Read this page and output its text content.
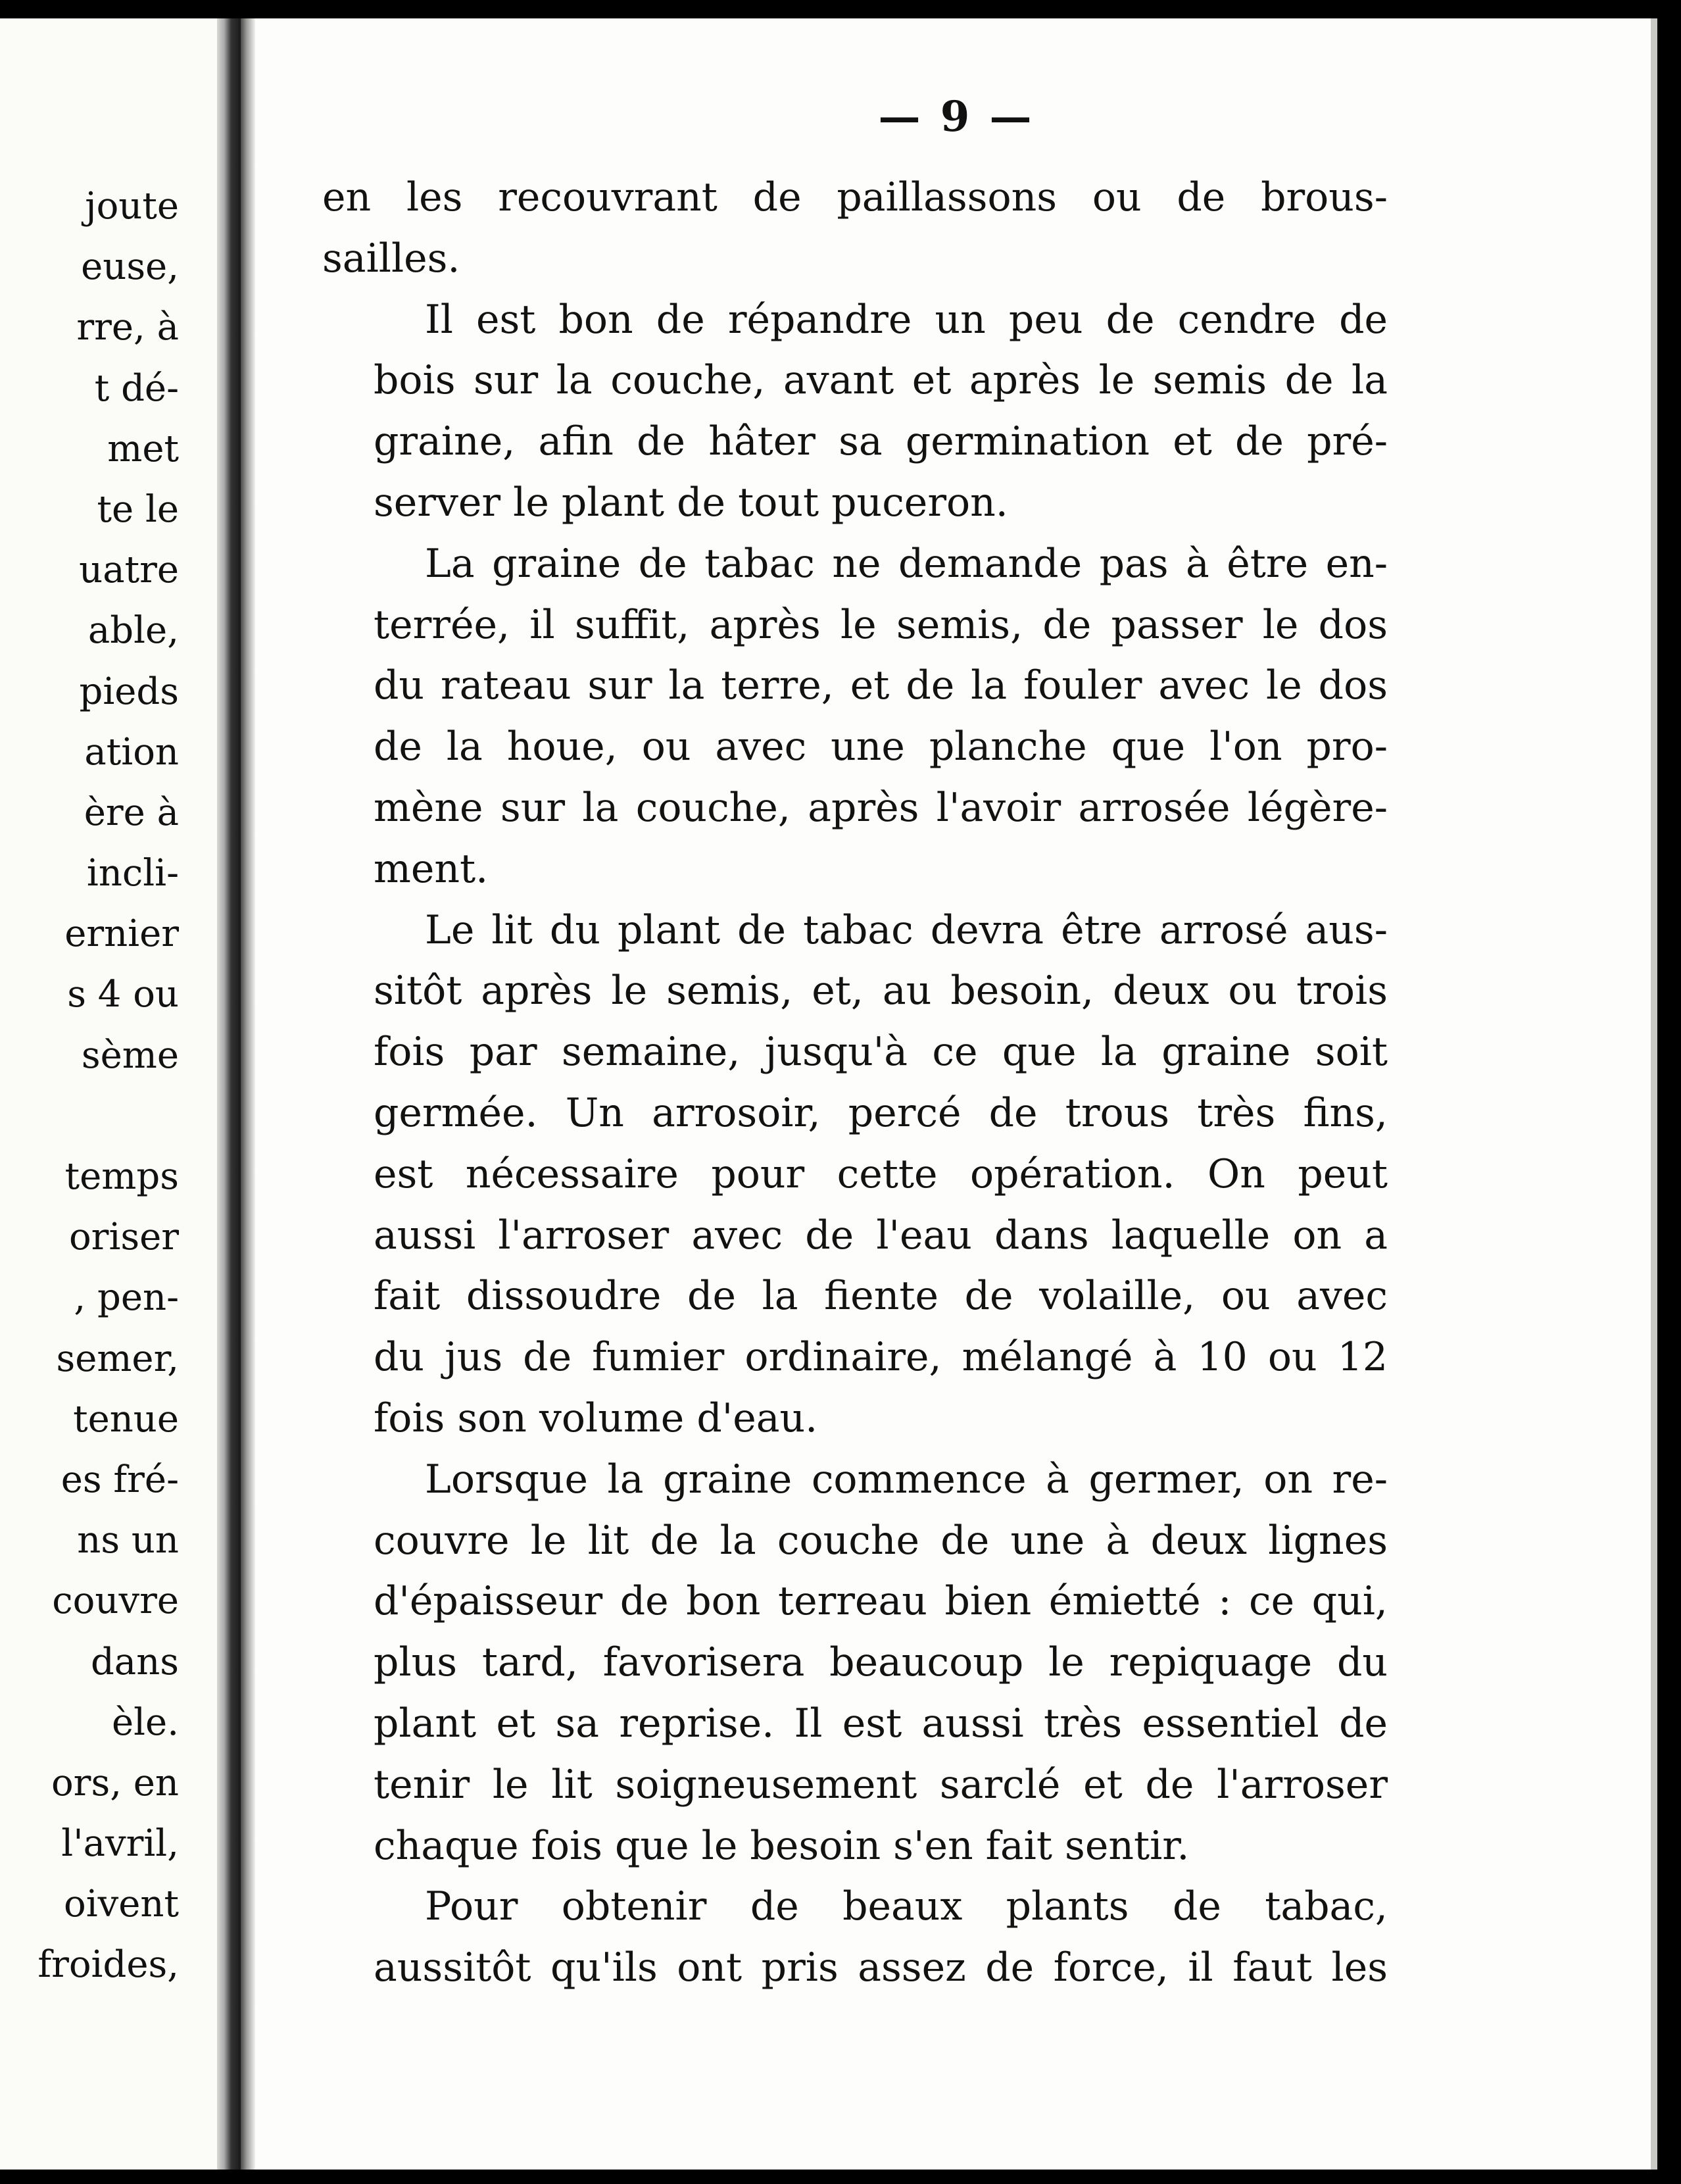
joute
euse,
rre, à
t dé-
met
te le
uatre
able,
pieds
ation
ère à
incli-
ernier
s 4 ou
sème
temps
oriser
, pen-
semer,
tenue
es fré-
ns un
couvre
dans
èle.
ors, en
l'avril,
oivent
froides,
— 9 —
en les recouvrant de paillassons ou de brous-
sailles.
Il est bon de répandre un peu de cendre de
bois sur la couche, avant et après le semis de la
graine, afin de hâter sa germination et de pré-
server le plant de tout puceron.
La graine de tabac ne demande pas à être en-
terrée, il suffit, après le semis, de passer le dos
du rateau sur la terre, et de la fouler avec le dos
de la houe, ou avec une planche que l'on pro-
mène sur la couche, après l'avoir arrosée légère-
ment.
Le lit du plant de tabac devra être arrosé aus-
sitôt après le semis, et, au besoin, deux ou trois
fois par semaine, jusqu'à ce que la graine soit
germée. Un arrosoir, percé de trous très fins,
est nécessaire pour cette opération. On peut
aussi l'arroser avec de l'eau dans laquelle on a
fait dissoudre de la fiente de volaille, ou avec
du jus de fumier ordinaire, mélangé à 10 ou 12
fois son volume d'eau.
Lorsque la graine commence à germer, on re-
couvre le lit de la couche de une à deux lignes
d'épaisseur de bon terreau bien émietté : ce qui,
plus tard, favorisera beaucoup le repiquage du
plant et sa reprise. Il est aussi très essentiel de
tenir le lit soigneusement sarclé et de l'arroser
chaque fois que le besoin s'en fait sentir.
Pour obtenir de beaux plants de tabac,
aussitôt qu'ils ont pris assez de force, il faut les
